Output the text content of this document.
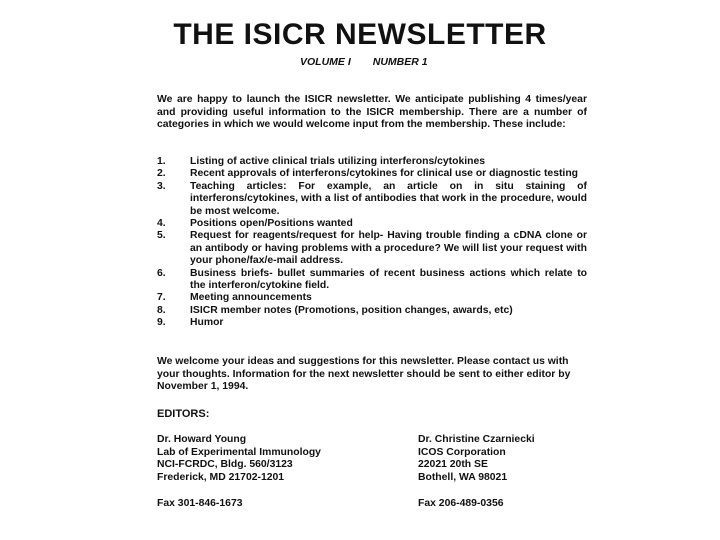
THE ISICR NEWSLETTER
VOLUME I NUMBER 1
We are happy to launch the ISICR newsletter. We anticipate publishing 4 times/year and providing useful information to the ISICR membership. There are a number of categories in which we would welcome input from the membership. These include:
1.	Listing of active clinical trials utilizing interferons/cytokines
2.	Recent approvals of interferons/cytokines for clinical use or diagnostic testing
3.	Teaching articles: For example, an article on in situ staining of interferons/cytokines, with a list of antibodies that work in the procedure, would be most welcome.
4.	Positions open/Positions wanted
5.	Request for reagents/request for help- Having trouble finding a cDNA clone or an antibody or having problems with a procedure? We will list your request with your phone/fax/e-mail address.
6.	Business briefs- bullet summaries of recent business actions which relate to the interferon/cytokine field.
7.	Meeting announcements
8.	ISICR member notes (Promotions, position changes, awards, etc)
9.	Humor
We welcome your ideas and suggestions for this newsletter. Please contact us with your thoughts. Information for the next newsletter should be sent to either editor by November 1, 1994.
EDITORS:
Dr. Howard Young
Lab of Experimental Immunology
NCI-FCRDC, Bldg. 560/3123
Frederick, MD 21702-1201
Fax 301-846-1673
Dr. Christine Czarniecki
ICOS Corporation
22021 20th SE
Bothell, WA 98021
Fax 206-489-0356
